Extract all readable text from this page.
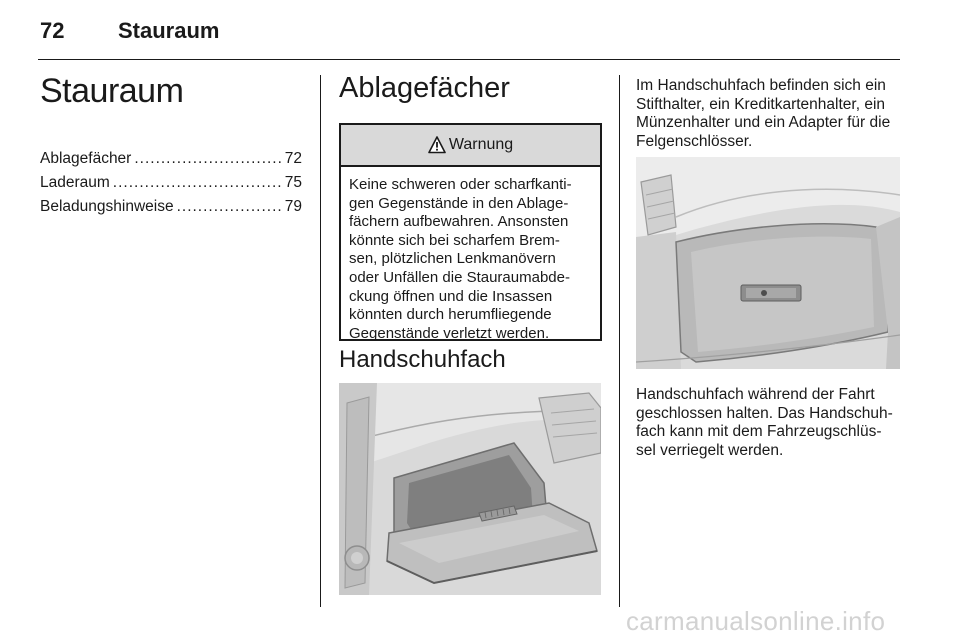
72 Stauraum
Stauraum
Ablagefächer .....	72
Laderaum .....	75
Beladungshinweise .....	79
Ablagefächer
Warnung
Keine schweren oder scharfkanti-
gen Gegenstände in den Ablage-
fächern aufbewahren. Ansonsten
könnte sich bei scharfem Brem-
sen, plötzlichen Lenkmanövern
oder Unfällen die Stauraumabde-
ckung öffnen und die Insassen
könnten durch herumfliegende
Gegenstände verletzt werden.
Handschuhfach
Im Handschuhfach befinden sich ein
Stifthalter, ein Kreditkartenhalter, ein
Münzenhalter und ein Adapter für die
Felgenschlösser.
Handschuhfach während der Fahrt
geschlossen halten. Das Handschuh-
fach kann mit dem Fahrzeugschlüs-
sel verriegelt werden.
carmanualsonline.info
